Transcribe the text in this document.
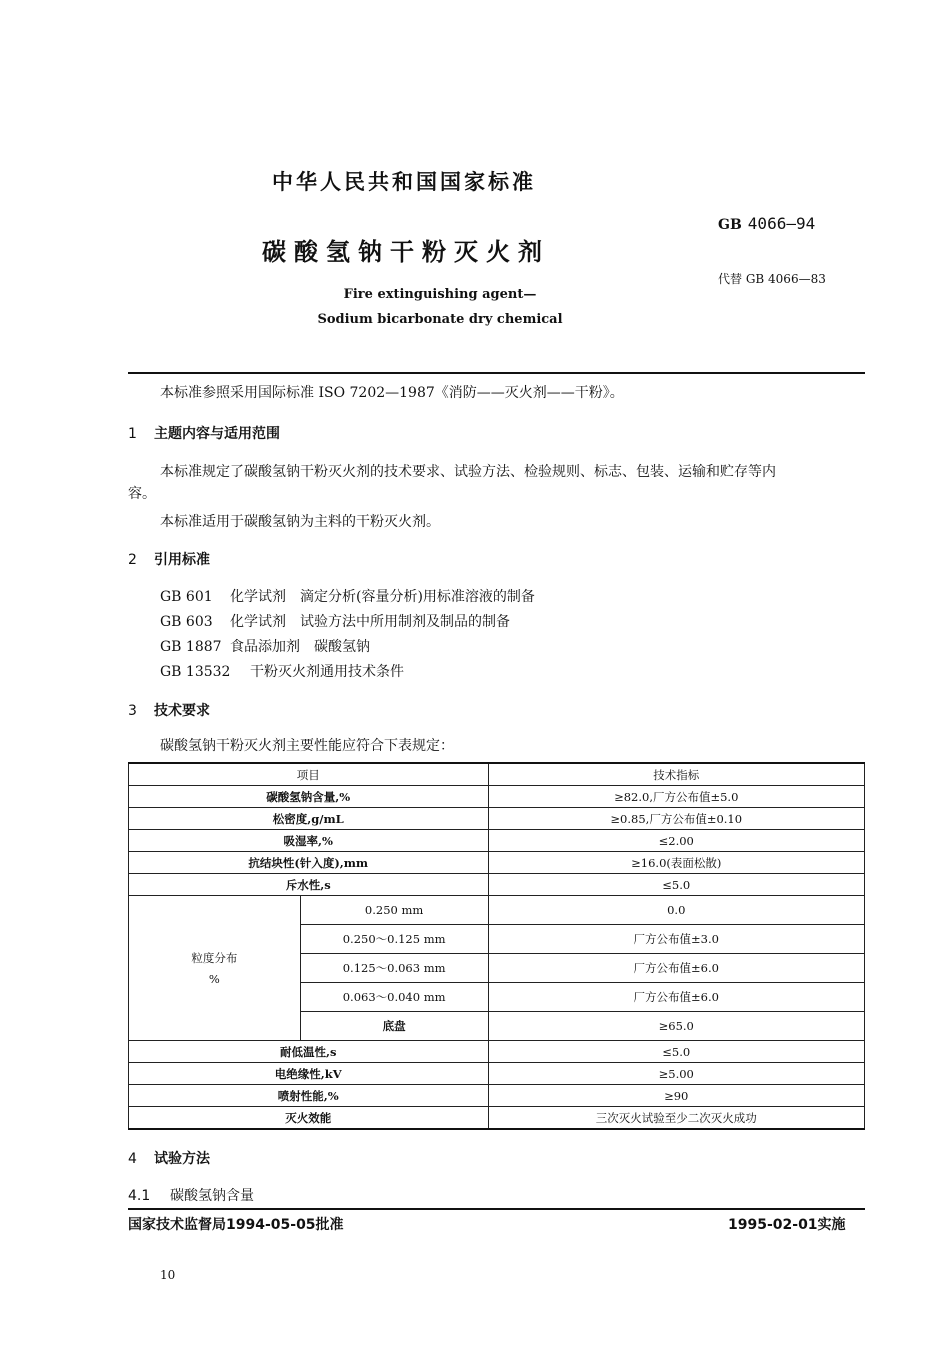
中华人民共和国国家标准
碳酸氢钠干粉灭火剂
Fire extinguishing agent—
Sodium bicarbonate dry chemical
GB 4066—94
代替 GB 4066—83
本标准参照采用国际标准 ISO 7202—1987《消防——灭火剂——干粉》。
1 主题内容与适用范围
本标准规定了碳酸氢钠干粉灭火剂的技术要求、试验方法、检验规则、标志、包装、运输和贮存等内
容。
本标准适用于碳酸氢钠为主料的干粉灭火剂。
2 引用标准
GB 601 化学试剂　滴定分析(容量分析)用标准溶液的制备
GB 603 化学试剂　试验方法中所用制剂及制品的制备
GB 1887 食品添加剂　碳酸氢钠
GB 13532 干粉灭火剂通用技术条件
3 技术要求
碳酸氢钠干粉灭火剂主要性能应符合下表规定：
项目		技术指标
碳酸氢钠含量,%		≥82.0,厂方公布值±5.0
松密度,g/mL		≥0.85,厂方公布值±0.10
吸湿率,%		≤2.00
抗结块性(针入度),mm		≥16.0(表面松散)
斥水性,s		≤5.0

粒度分布
%	0.250 mm	0.0
	0.250～0.125 mm	厂方公布值±3.0
	0.125～0.063 mm	厂方公布值±6.0
	0.063～0.040 mm	厂方公布值±6.0
	底盘	≥65.0
耐低温性,s		≤5.0
电绝缘性,kV		≥5.00
喷射性能,%		≥90
灭火效能		三次灭火试验至少二次灭火成功
4 试验方法
4.1 碳酸氢钠含量
国家技术监督局1994-05-05批准	1995-02-01实施
10
